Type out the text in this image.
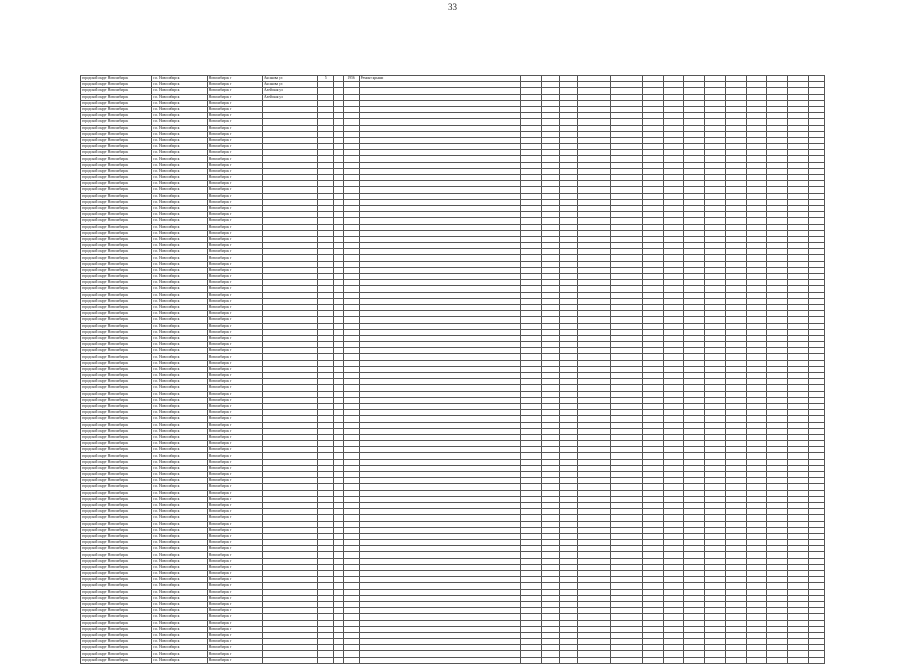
33
городской округ Новосибирск	г.п. Новосибирск	Новосибирск г	Аксакова ул	5		1956	Ремонт крыши														
городской округ Новосибирск	г.п. Новосибирск	Новосибирск г	Аксакова ул																		
городской округ Новосибирск	г.п. Новосибирск	Новосибирск г	Алейская ул																		
городской округ Новосибирск	г.п. Новосибирск	Новосибирск г	Алейская ул																		
городской округ Новосибирск	г.п. Новосибирск	Новосибирск г																			
городской округ Новосибирск	г.п. Новосибирск	Новосибирск г																			
городской округ Новосибирск	г.п. Новосибирск	Новосибирск г																			
городской округ Новосибирск	г.п. Новосибирск	Новосибирск г																			
городской округ Новосибирск	г.п. Новосибирск	Новосибирск г																			
городской округ Новосибирск	г.п. Новосибирск	Новосибирск г																			
городской округ Новосибирск	г.п. Новосибирск	Новосибирск г																			
городской округ Новосибирск	г.п. Новосибирск	Новосибирск г																			
городской округ Новосибирск	г.п. Новосибирск	Новосибирск г																			
городской округ Новосибирск	г.п. Новосибирск	Новосибирск г																			
городской округ Новосибирск	г.п. Новосибирск	Новосибирск г																			
городской округ Новосибирск	г.п. Новосибирск	Новосибирск г																			
городской округ Новосибирск	г.п. Новосибирск	Новосибирск г																			
городской округ Новосибирск	г.п. Новосибирск	Новосибирск г																			
городской округ Новосибирск	г.п. Новосибирск	Новосибирск г																			
городской округ Новосибирск	г.п. Новосибирск	Новосибирск г																			
городской округ Новосибирск	г.п. Новосибирск	Новосибирск г																			
городской округ Новосибирск	г.п. Новосибирск	Новосибирск г																			
городской округ Новосибирск	г.п. Новосибирск	Новосибирск г																			
городской округ Новосибирск	г.п. Новосибирск	Новосибирск г																			
городской округ Новосибирск	г.п. Новосибирск	Новосибирск г																			
городской округ Новосибирск	г.п. Новосибирск	Новосибирск г																			
городской округ Новосибирск	г.п. Новосибирск	Новосибирск г																			
городской округ Новосибирск	г.п. Новосибирск	Новосибирск г																			
городской округ Новосибирск	г.п. Новосибирск	Новосибирск г																			
городской округ Новосибирск	г.п. Новосибирск	Новосибирск г																			
городской округ Новосибирск	г.п. Новосибирск	Новосибирск г																			
городской округ Новосибирск	г.п. Новосибирск	Новосибирск г																			
городской округ Новосибирск	г.п. Новосибирск	Новосибирск г																			
городской округ Новосибирск	г.п. Новосибирск	Новосибирск г																			
городской округ Новосибирск	г.п. Новосибирск	Новосибирск г																			
городской округ Новосибирск	г.п. Новосибирск	Новосибирск г																			
городской округ Новосибирск	г.п. Новосибирск	Новосибирск г																			
городской округ Новосибирск	г.п. Новосибирск	Новосибирск г																			
городской округ Новосибирск	г.п. Новосибирск	Новосибирск г																			
городской округ Новосибирск	г.п. Новосибирск	Новосибирск г																			
городской округ Новосибирск	г.п. Новосибирск	Новосибирск г																			
городской округ Новосибирск	г.п. Новосибирск	Новосибирск г																			
городской округ Новосибирск	г.п. Новосибирск	Новосибирск г																			
городской округ Новосибирск	г.п. Новосибирск	Новосибирск г																			
городской округ Новосибирск	г.п. Новосибирск	Новосибирск г																			
городской округ Новосибирск	г.п. Новосибирск	Новосибирск г																			
городской округ Новосибирск	г.п. Новосибирск	Новосибирск г																			
городской округ Новосибирск	г.п. Новосибирск	Новосибирск г																			
городской округ Новосибирск	г.п. Новосибирск	Новосибирск г																			
городской округ Новосибирск	г.п. Новосибирск	Новосибирск г																			
городской округ Новосибирск	г.п. Новосибирск	Новосибирск г																			
городской округ Новосибирск	г.п. Новосибирск	Новосибирск г																			
городской округ Новосибирск	г.п. Новосибирск	Новосибирск г																			
городской округ Новосибирск	г.п. Новосибирск	Новосибирск г																			
городской округ Новосибирск	г.п. Новосибирск	Новосибирск г																			
городской округ Новосибирск	г.п. Новосибирск	Новосибирск г																			
городской округ Новосибирск	г.п. Новосибирск	Новосибирск г																			
городской округ Новосибирск	г.п. Новосибирск	Новосибирск г																			
городской округ Новосибирск	г.п. Новосибирск	Новосибирск г																			
городской округ Новосибирск	г.п. Новосибирск	Новосибирск г																			
городской округ Новосибирск	г.п. Новосибирск	Новосибирск г																			
городской округ Новосибирск	г.п. Новосибирск	Новосибирск г																			
городской округ Новосибирск	г.п. Новосибирск	Новосибирск г																			
городской округ Новосибирск	г.п. Новосибирск	Новосибирск г																			
городской округ Новосибирск	г.п. Новосибирск	Новосибирск г																			
городской округ Новосибирск	г.п. Новосибирск	Новосибирск г																			
городской округ Новосибирск	г.п. Новосибирск	Новосибирск г																			
городской округ Новосибирск	г.п. Новосибирск	Новосибирск г																			
городской округ Новосибирск	г.п. Новосибирск	Новосибирск г																			
городской округ Новосибирск	г.п. Новосибирск	Новосибирск г																			
городской округ Новосибирск	г.п. Новосибирск	Новосибирск г																			
городской округ Новосибирск	г.п. Новосибирск	Новосибирск г																			
городской округ Новосибирск	г.п. Новосибирск	Новосибирск г																			
городской округ Новосибирск	г.п. Новосибирск	Новосибирск г																			
городской округ Новосибирск	г.п. Новосибирск	Новосибирск г																			
городской округ Новосибирск	г.п. Новосибирск	Новосибирск г																			
городской округ Новосибирск	г.п. Новосибирск	Новосибирск г																			
городской округ Новосибирск	г.п. Новосибирск	Новосибирск г																			
городской округ Новосибирск	г.п. Новосибирск	Новосибирск г																			
городской округ Новосибирск	г.п. Новосибирск	Новосибирск г																			
городской округ Новосибирск	г.п. Новосибирск	Новосибирск г																			
городской округ Новосибирск	г.п. Новосибирск	Новосибирск г																			
городской округ Новосибирск	г.п. Новосибирск	Новосибирск г																			
городской округ Новосибирск	г.п. Новосибирск	Новосибирск г																			
городской округ Новосибирск	г.п. Новосибирск	Новосибирск г																			
городской округ Новосибирск	г.п. Новосибирск	Новосибирск г																			
городской округ Новосибирск	г.п. Новосибирск	Новосибирск г																			
городской округ Новосибирск	г.п. Новосибирск	Новосибирск г																			
городской округ Новосибирск	г.п. Новосибирск	Новосибирск г																			
городской округ Новосибирск	г.п. Новосибирск	Новосибирск г																			
городской округ Новосибирск	г.п. Новосибирск	Новосибирск г																			
городской округ Новосибирск	г.п. Новосибирск	Новосибирск г																			
городской округ Новосибирск	г.п. Новосибирск	Новосибирск г																			
городской округ Новосибирск	г.п. Новосибирск	Новосибирск г																			
городской округ Новосибирск	г.п. Новосибирск	Новосибирск г																			
